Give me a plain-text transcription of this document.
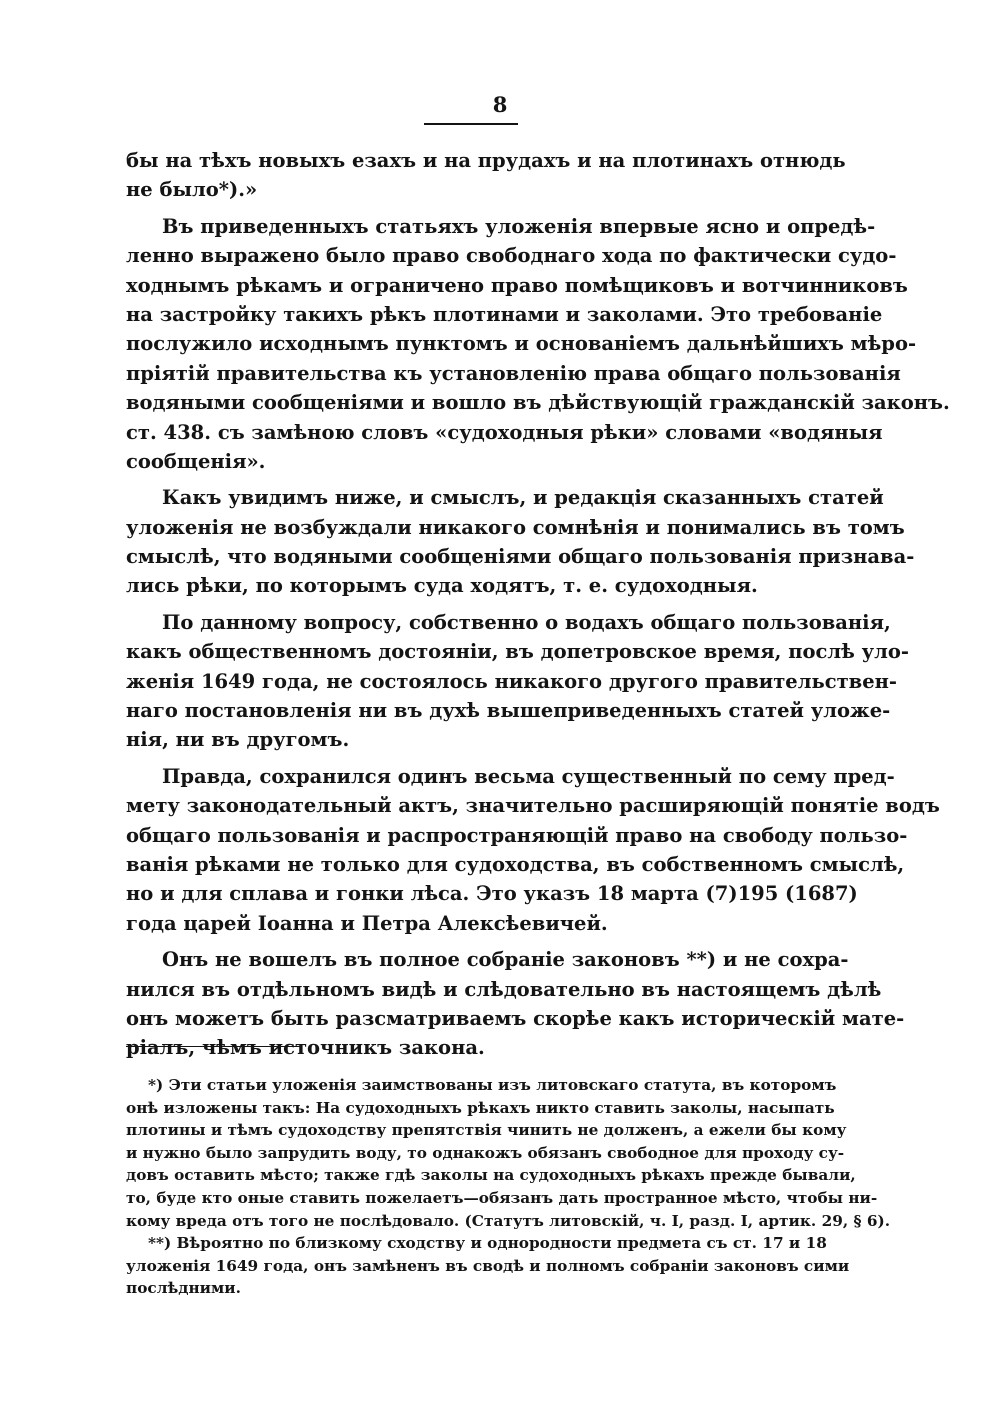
8
бы на тѣхъ новыхъ езахъ и на прудахъ и на плотинахъ отнюдь
не было*).»
Въ приведенныхъ статьяхъ уложенія впервые ясно и опредѣ-
ленно выражено было право свободнаго хода по фактически судо-
ходнымъ рѣкамъ и ограничено право помѣщиковъ и вотчинниковъ
на застройку такихъ рѣкъ плотинами и заколами. Это требованіе
послужило исходнымъ пунктомъ и основаніемъ дальнѣйшихъ мѣро-
пріятій правительства къ установленію права общаго пользованія
водяными сообщеніями и вошло въ дѣйствующій гражданскій законъ.
ст. 438. съ замѣною словъ «судоходныя рѣки» словами «водяныя
сообщенія».
Какъ увидимъ ниже, и смыслъ, и редакція сказанныхъ статей
уложенія не возбуждали никакого сомнѣнія и понимались въ томъ
смыслѣ, что водяными сообщеніями общаго пользованія признава-
лись рѣки, по которымъ суда ходятъ, т. е. судоходныя.
По данному вопросу, собственно о водахъ общаго пользованія,
какъ общественномъ достояніи, въ допетровское время, послѣ уло-
женія 1649 года, не состоялось никакого другого правительствен-
наго постановленія ни въ духѣ вышеприведенныхъ статей уложе-
нія, ни въ другомъ.
Правда, сохранился одинъ весьма существенный по сему пред-
мету законодательный актъ, значительно расширяющій понятіе водъ
общаго пользованія и распространяющій право на свободу пользо-
ванія рѣками не только для судоходства, въ собственномъ смыслѣ,
но и для сплава и гонки лѣса. Это указъ 18 марта (7)195 (1687)
года царей Іоанна и Петра Алексѣевичей.
Онъ не вошелъ въ полное собраніе законовъ **) и не сохра-
нился въ отдѣльномъ видѣ и слѣдовательно въ настоящемъ дѣлѣ
онъ можетъ быть разсматриваемъ скорѣе какъ историческій мате-
ріалъ, чѣмъ источникъ закона.
*) Эти статьи уложенія заимствованы изъ литовскаго статута, въ которомъ
онѣ изложены такъ: На судоходныхъ рѣкахъ никто ставить заколы, насыпать
плотины и тѣмъ судоходству препятствія чинить не долженъ, а ежели бы кому
и нужно было запрудить воду, то однакожъ обязанъ свободное для проходу су-
довъ оставить мѣсто; также гдѣ заколы на судоходныхъ рѣкахъ прежде бывали,
то, буде кто оные ставить пожелаетъ—обязанъ дать пространное мѣсто, чтобы ни-
кому вреда отъ того не послѣдовало. (Статутъ литовскій, ч. I, разд. I, артик. 29, § 6).
**) Вѣроятно по близкому сходству и однородности предмета съ ст. 17 и 18
уложенія 1649 года, онъ замѣненъ въ сводѣ и полномъ собраніи законовъ сими
послѣдними.
